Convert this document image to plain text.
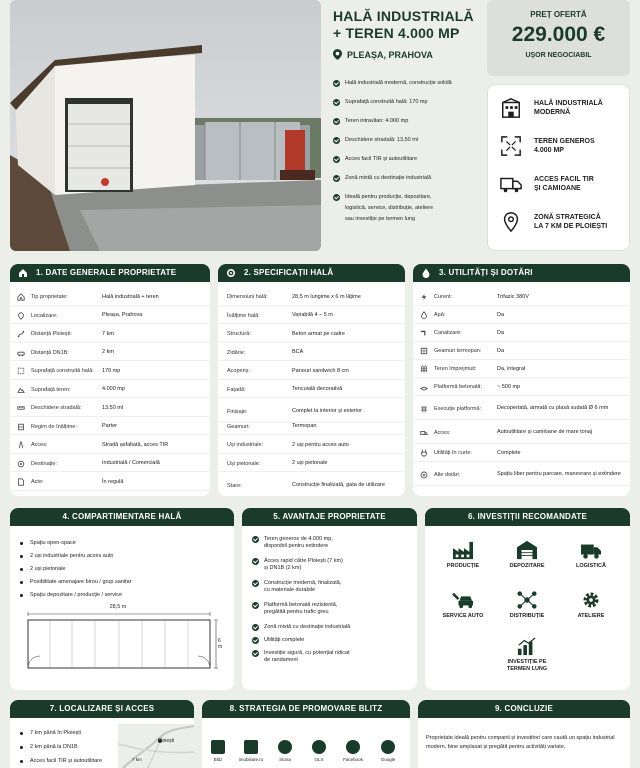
HALĂ INDUSTRIALĂ
+ TEREN 4.000 MP
PLEAȘA, PRAHOVA
Hală industrială modernă, construcție solidă
Suprafață construită hală: 170 mp
Teren intravilan: 4.000 mp
Deschidere stradală: 13,50 ml
Acces facil TIR și autoutilitare
Zonă mixtă cu destinație industrială
Ideală pentru producție, depozitare,
logistică, service, distribuție, ateliere
sau investiție pe termen lung
PREȚ OFERTĂ
229.000 €
UȘOR NEGOCIABIL
HALĂ INDUSTRIALĂ
MODERNĂ
TEREN GENEROS
4.000 MP
ACCES FACIL TIR
ȘI CAMIOANE
ZONĂ STRATEGICĂ
LA 7 KM DE PLOIEȘTI
1. DATE GENERALE PROPRIETATE
Tip proprietate:	Hală industrială + teren
Localizare:	Pleașa, Prahova
Distanță Ploiești:	7 km
Distanță DN1B:	2 km
Suprafață construită hală:	170 mp
Suprafață teren:	4.000 mp
Deschidere stradală:	13,50 ml
Regim de înălțime:	Parter
Acces:	Stradă asfaltată, acces TIR
Destinație:	Industrială / Comercială
Acte:	În regulă
2. SPECIFICAȚII HALĂ
Dimensiuni hală:	28,5 m lungime x 6 m lățime
Înălțime hală:	Variabilă 4 – 5 m
Structură:	Beton armat pe cadre
Zidărie:	BCA
Acoperiș:	Panouri sandwich 8 cm
Fațadă:	Tencuială decorativă
Finisaje:	Complet la interior și exterior
Geamuri:	Termopan
Uși industriale:	2 uși pentru acces auto
Uși pietonale:	2 uși pietonale
Stare:	Construcție finalizată, gata de utilizare
3. UTILITĂȚI ȘI DOTĂRI
Curent:	Trifazic 380V
Apă:	Da
Canalizare:	Da
Geamuri termopan:	Da
Teren împrejmuit:	Da, integral
Platformă betonată:	~ 500 mp
Execuție platformă:	Decopertată, armată cu plasă sudată Ø 6 mm
Acces:	Autoutilitare și camioane de mare tonaj
Utilități în curte:	Complete
Alte dotări:	Spațiu liber pentru parcare, manevrare și extindere
4. COMPARTIMENTARE HALĂ
Spațiu open-space
2 uși industriale pentru acces auto
2 uși pietonale
Posibilitate amenajare birou / grup sanitar
Spațiu depozitare / producție / service
28,5 m
6 m
5. AVANTAJE PROPRIETATE
Teren generos de 4.000 mp,
disponibil pentru extindere
Acces rapid către Ploiești (7 km)
și DN1B (2 km)
Construcție modernă, finalizată,
cu materiale durabile
Platformă betonată rezistentă,
pregătită pentru trafic greu
Zonă mixtă cu destinație industrială
Utilități complete
Investiție sigură, cu potențial ridicat
de randament
6. INVESTIȚII RECOMANDATE
PRODUCȚIE	DEPOZITARE	LOGISTICĂ
SERVICE AUTO	DISTRIBUȚIE	ATELIERE
INVESTIȚIE PE TERMEN LUNG
7. LOCALIZARE ȘI ACCES
7 km până în Ploiești
2 km până la DN1B
Acces facil TIR și autoutilitare
Ploiești
7 km
8. STRATEGIA DE PROMOVARE BLITZ
Blitz	imobiliare.ro	Storia	OLX	Facebook	Google
9. CONCLUZIE
Proprietate ideală pentru companii și investitori care caută un spațiu industrial modern, bine amplasat și pregătit pentru activități variate.
